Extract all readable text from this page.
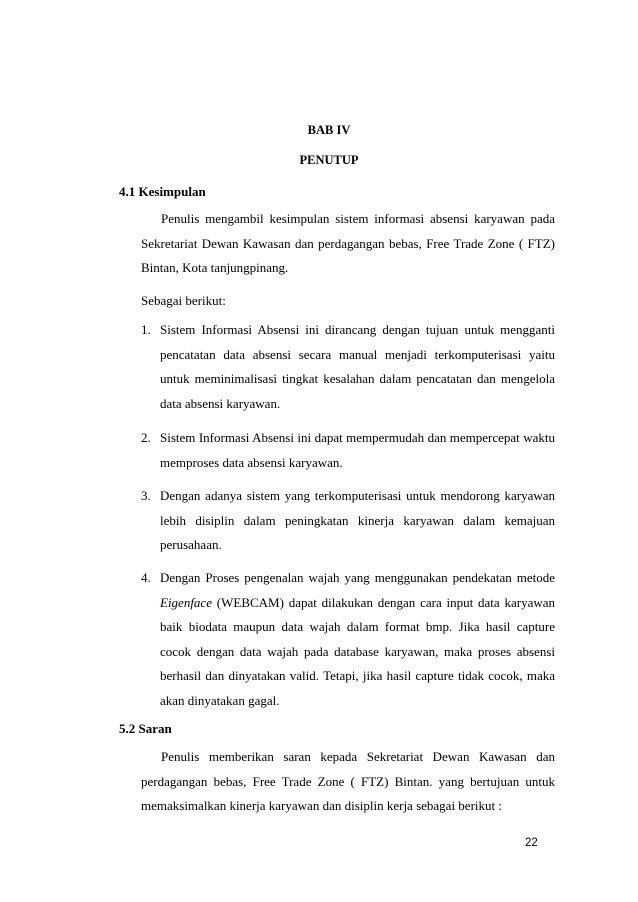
BAB IV
PENUTUP
4.1 Kesimpulan
Penulis mengambil kesimpulan sistem informasi absensi karyawan pada Sekretariat Dewan Kawasan dan perdagangan bebas, Free Trade Zone ( FTZ) Bintan, Kota tanjungpinang.
Sebagai berikut:
1. Sistem Informasi Absensi ini dirancang dengan tujuan untuk mengganti pencatatan data absensi secara manual menjadi terkomputerisasi yaitu untuk meminimalisasi tingkat kesalahan dalam pencatatan dan mengelola data absensi karyawan.
2. Sistem Informasi Absensi ini dapat mempermudah dan mempercepat waktu memproses data absensi karyawan.
3. Dengan adanya sistem yang terkomputerisasi untuk mendorong karyawan lebih disiplin dalam peningkatan kinerja karyawan dalam kemajuan perusahaan.
4. Dengan Proses pengenalan wajah yang menggunakan pendekatan metode Eigenface (WEBCAM) dapat dilakukan dengan cara input data karyawan baik biodata maupun data wajah dalam format bmp. Jika hasil capture cocok dengan data wajah pada database karyawan, maka proses absensi berhasil dan dinyatakan valid. Tetapi, jika hasil capture tidak cocok, maka akan dinyatakan gagal.
5.2 Saran
Penulis memberikan saran kepada Sekretariat Dewan Kawasan dan perdagangan bebas, Free Trade Zone ( FTZ) Bintan. yang bertujuan untuk memaksimalkan kinerja karyawan dan disiplin kerja sebagai berikut :
22
